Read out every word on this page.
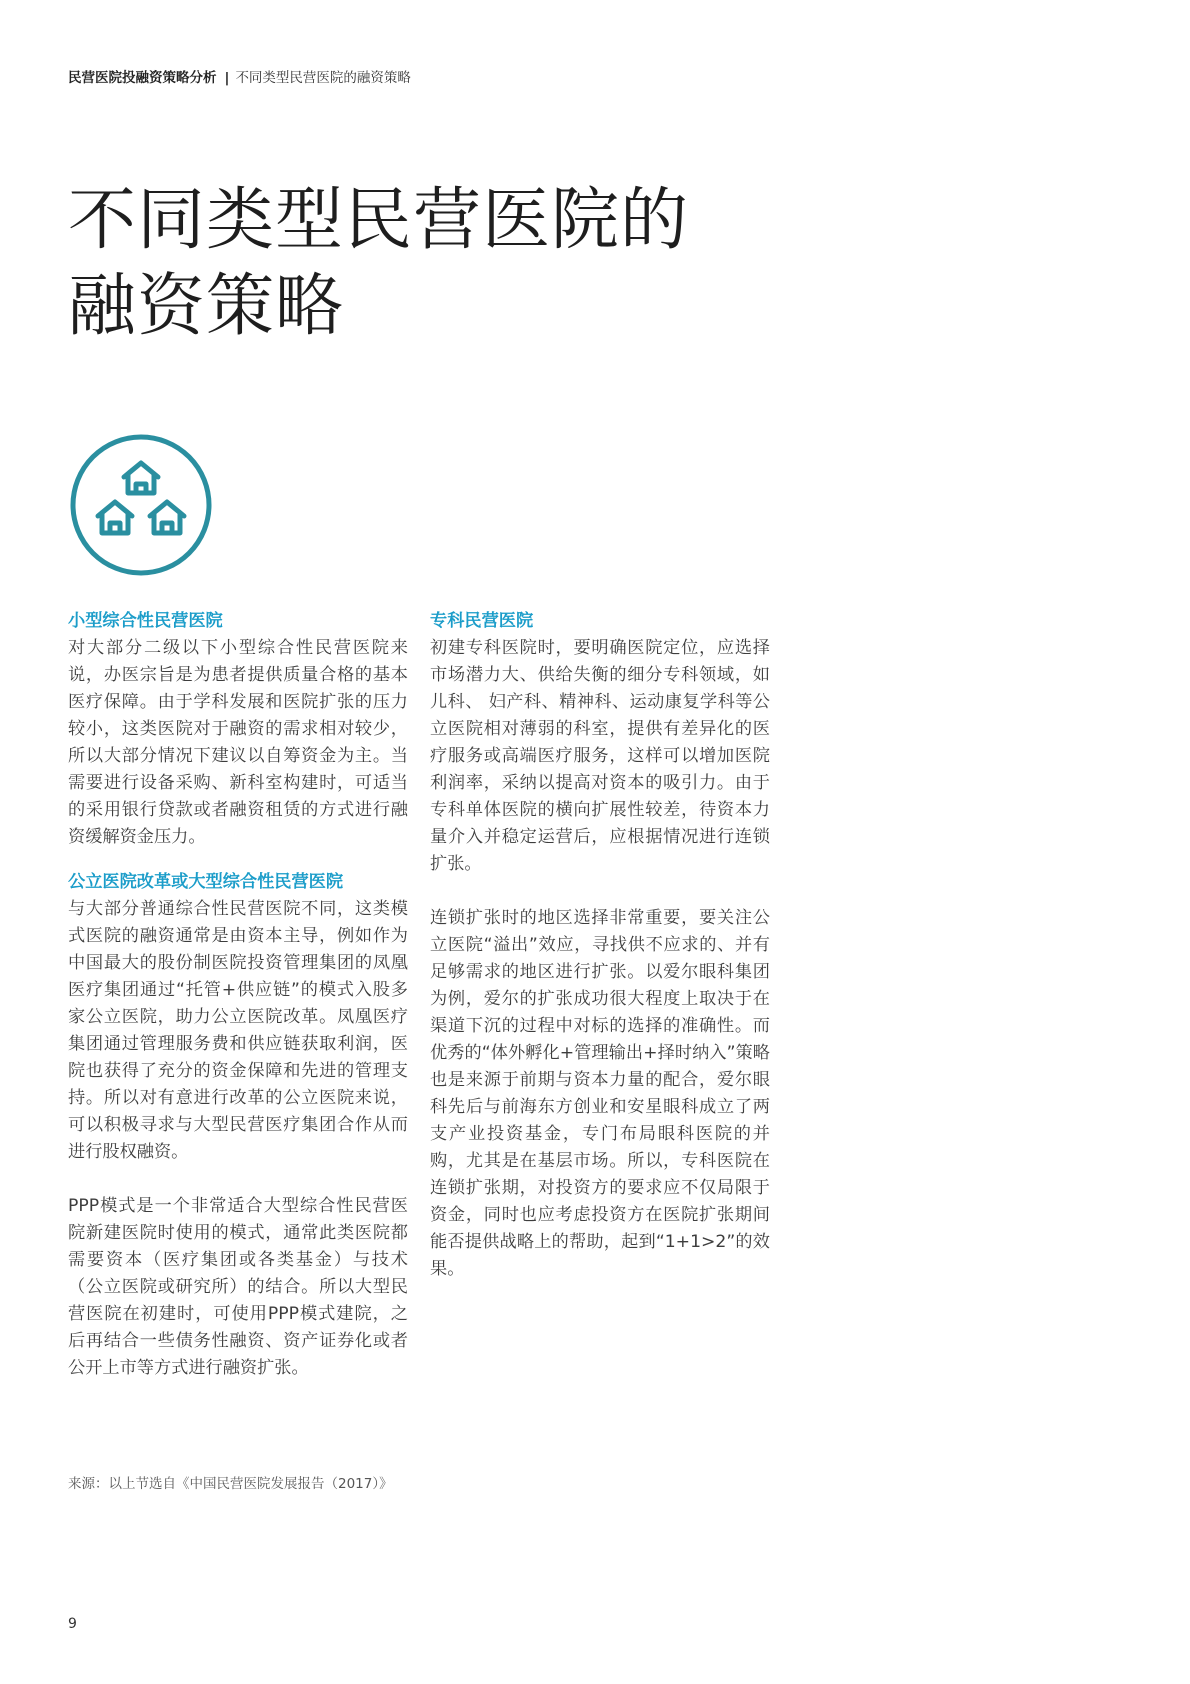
民营医院投融资策略分析 | 不同类型民营医院的融资策略
不同类型民营医院的
融资策略
小型综合性民营医院

对大部分二级以下小型综合性民营医院来说，办医宗旨是为患者提供质量合格的基本医疗保障。由于学科发展和医院扩张的压力较小，这类医院对于融资的需求相对较少，所以大部分情况下建议以自筹资金为主。当需要进行设备采购、新科室构建时，可适当的采用银行贷款或者融资租赁的方式进行融资缓解资金压力。

公立医院改革或大型综合性民营医院

与大部分普通综合性民营医院不同，这类模式医院的融资通常是由资本主导，例如作为中国最大的股份制医院投资管理集团的凤凰医疗集团通过“托管+供应链”的模式入股多家公立医院，助力公立医院改革。凤凰医疗集团通过管理服务费和供应链获取利润，医院也获得了充分的资金保障和先进的管理支持。所以对有意进行改革的公立医院来说，可以积极寻求与大型民营医疗集团合作从而进行股权融资。

PPP模式是一个非常适合大型综合性民营医院新建医院时使用的模式，通常此类医院都需要资本（医疗集团或各类基金）与技术（公立医院或研究所）的结合。所以大型民营医院在初建时，可使用PPP模式建院，之后再结合一些债务性融资、资产证券化或者公开上市等方式进行融资扩张。

专科民营医院

初建专科医院时，要明确医院定位，应选择市场潜力大、供给失衡的细分专科领域，如儿科、 妇产科、精神科、运动康复学科等公立医院相对薄弱的科室，提供有差异化的医疗服务或高端医疗服务，这样可以增加医院利润率，采纳以提高对资本的吸引力。由于专科单体医院的横向扩展性较差，待资本力量介入并稳定运营后，应根据情况进行连锁扩张。

连锁扩张时的地区选择非常重要，要关注公立医院“溢出”效应，寻找供不应求的、并有足够需求的地区进行扩张。以爱尔眼科集团为例，爱尔的扩张成功很大程度上取决于在渠道下沉的过程中对标的选择的准确性。而优秀的“体外孵化+管理输出+择时纳入”策略也是来源于前期与资本力量的配合，爱尔眼科先后与前海东方创业和安星眼科成立了两支产业投资基金，专门布局眼科医院的并购，尤其是在基层市场。所以，专科医院在连锁扩张期，对投资方的要求应不仅局限于资金，同时也应考虑投资方在医院扩张期间能否提供战略上的帮助，起到“1+1>2”的效果。

来源：以上节选自《中国民营医院发展报告（2017）》
9
